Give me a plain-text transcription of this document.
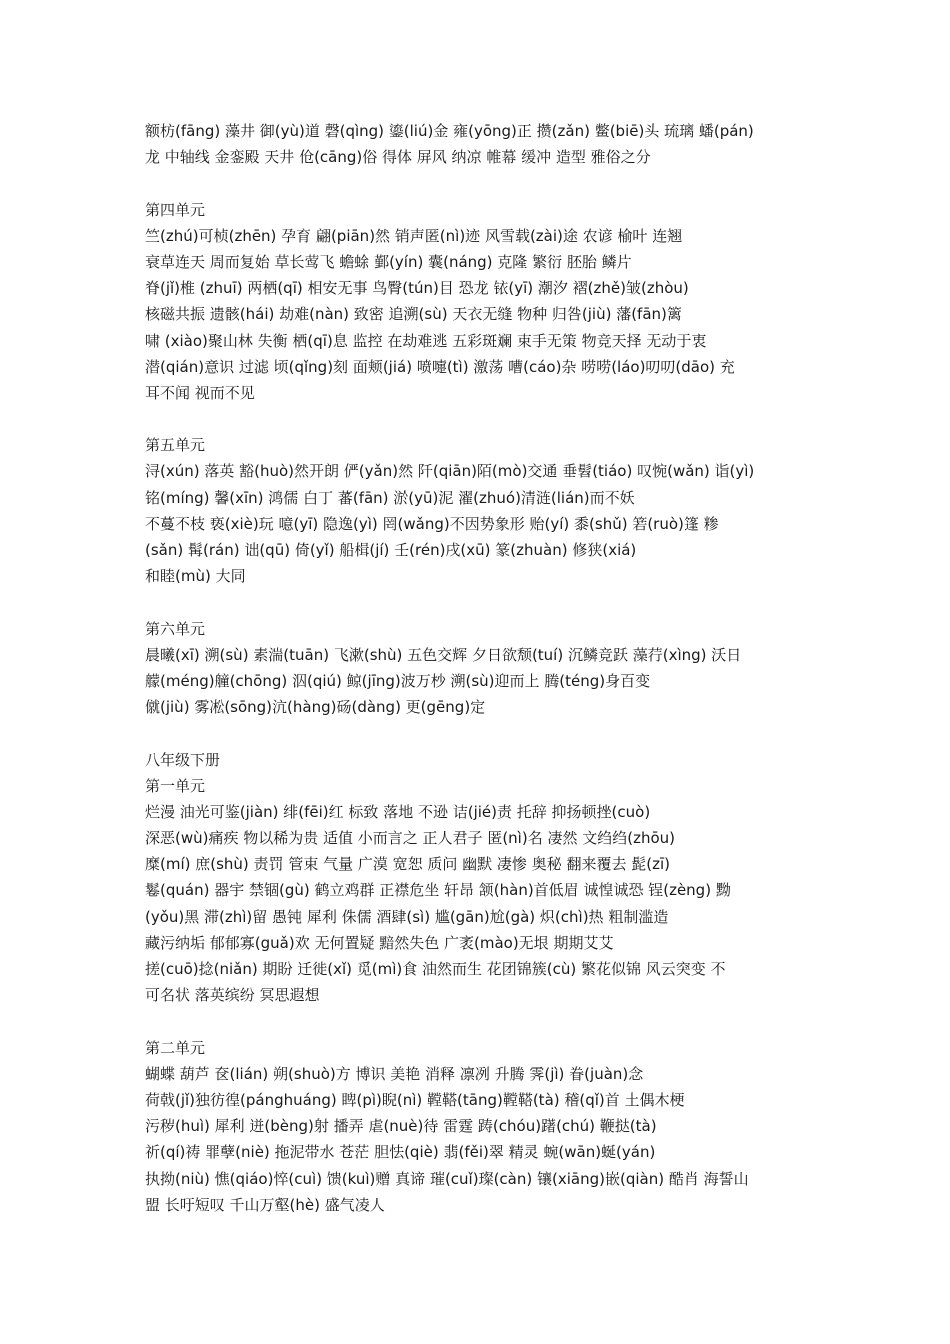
额枋(fāng) 藻井 御(yù)道 磬(qìng) 鎏(liú)金 雍(yōng)正 攒(zǎn) 鳖(biē)头 琉璃 蟠(pán)

龙 中轴线 金銮殿 天井 伧(cāng)俗 得体 屏风 纳凉 帷幕 缓冲 造型 雅俗之分

第四单元

竺(zhú)可桢(zhēn) 孕育 翩(piān)然 销声匿(nì)迹 风雪载(zài)途 农谚 榆叶 连翘

衰草连天 周而复始 草长莺飞 蟾蜍 鄞(yín) 囊(náng) 克隆 繁衍 胚胎 鳞片

脊(jǐ)椎 (zhuī) 两栖(qī) 相安无事 鸟臀(tún)目 恐龙 铱(yī) 潮汐 褶(zhě)皱(zhòu)

核磁共振 遗骸(hái) 劫难(nàn) 致密 追溯(sù) 天衣无缝 物种 归咎(jiù) 藩(fān)篱

啸 (xiào)聚山林 失衡 栖(qī)息 监控 在劫难逃 五彩斑斓 束手无策 物竞天择 无动于衷

潜(qián)意识 过滤 顷(qǐng)刻 面颊(jiá) 喷嚏(tì) 激荡 嘈(cáo)杂 唠唠(láo)叨叨(dāo) 充

耳不闻 视而不见

第五单元

浔(xún) 落英 豁(huò)然开朗 俨(yǎn)然 阡(qiān)陌(mò)交通 垂髫(tiáo) 叹惋(wǎn) 诣(yì)

铭(míng) 馨(xīn) 鸿儒 白丁 蕃(fān) 淤(yū)泥 濯(zhuó)清涟(lián)而不妖

不蔓不枝 亵(xiè)玩 噫(yī) 隐逸(yì) 罔(wǎng)不因势象形 贻(yí) 黍(shǔ) 箬(ruò)篷 糁

(sǎn) 髯(rán) 诎(qū) 倚(yǐ) 船楫(jí) 壬(rén)戌(xū) 篆(zhuàn) 修狭(xiá)

和睦(mù) 大同

第六单元

晨曦(xī) 溯(sù) 素湍(tuān) 飞漱(shù) 五色交辉 夕日欲颓(tuí) 沉鳞竞跃 藻荇(xìng) 沃日

艨(méng)艟(chōng) 泅(qiú) 鲸(jīng)波万杪 溯(sù)迎而上 腾(téng)身百变

僦(jiù) 雾凇(sōng)沆(hàng)砀(dàng) 更(gēng)定

八年级下册

第一单元

烂漫 油光可鉴(jiàn) 绯(fēi)红 标致 落地 不逊 诘(jié)责 托辞 抑扬顿挫(cuò)

深恶(wù)痛疾 物以稀为贵 适值 小而言之 正人君子 匿(nì)名 凄然 文绉绉(zhōu)

糜(mí) 庶(shù) 责罚 管束 气量 广漠 宽恕 质问 幽默 凄惨 奥秘 翻来覆去 髭(zī)

鬈(quán) 器宇 禁锢(gù) 鹤立鸡群 正襟危坐 轩昂 颔(hàn)首低眉 诚惶诚恐 锃(zèng) 黝

(yǒu)黑 滞(zhì)留 愚钝 犀利 侏儒 酒肆(sì) 尴(gān)尬(gà) 炽(chì)热 粗制滥造

藏污纳垢 郁郁寡(guǎ)欢 无何置疑 黯然失色 广袤(mào)无垠 期期艾艾

搓(cuō)捻(niǎn) 期盼 迁徙(xǐ) 觅(mì)食 油然而生 花团锦簇(cù) 繁花似锦 风云突变 不

可名状 落英缤纷 冥思遐想

第二单元

蝴蝶 葫芦 奁(lián) 朔(shuò)方 博识 美艳 消释 凛冽 升腾 霁(jì) 眷(juàn)念

荷戟(jǐ)独彷徨(pánghuáng) 睥(pì)睨(nì) 鞺鞳(tāng)鞺鞳(tà) 稽(qǐ)首 土偶木梗

污秽(huì) 犀利 迸(bèng)射 播弄 虐(nuè)待 雷霆 踌(chóu)躇(chú) 鞭挞(tà)

祈(qí)祷 罪孽(niè) 拖泥带水 苍茫 胆怯(qiè) 翡(fěi)翠 精灵 蜿(wān)蜒(yán)

执拗(niù) 憔(qiáo)悴(cuì) 馈(kuì)赠 真谛 璀(cuǐ)璨(càn) 镶(xiāng)嵌(qiàn) 酷肖 海誓山

盟 长吁短叹 千山万壑(hè) 盛气凌人
